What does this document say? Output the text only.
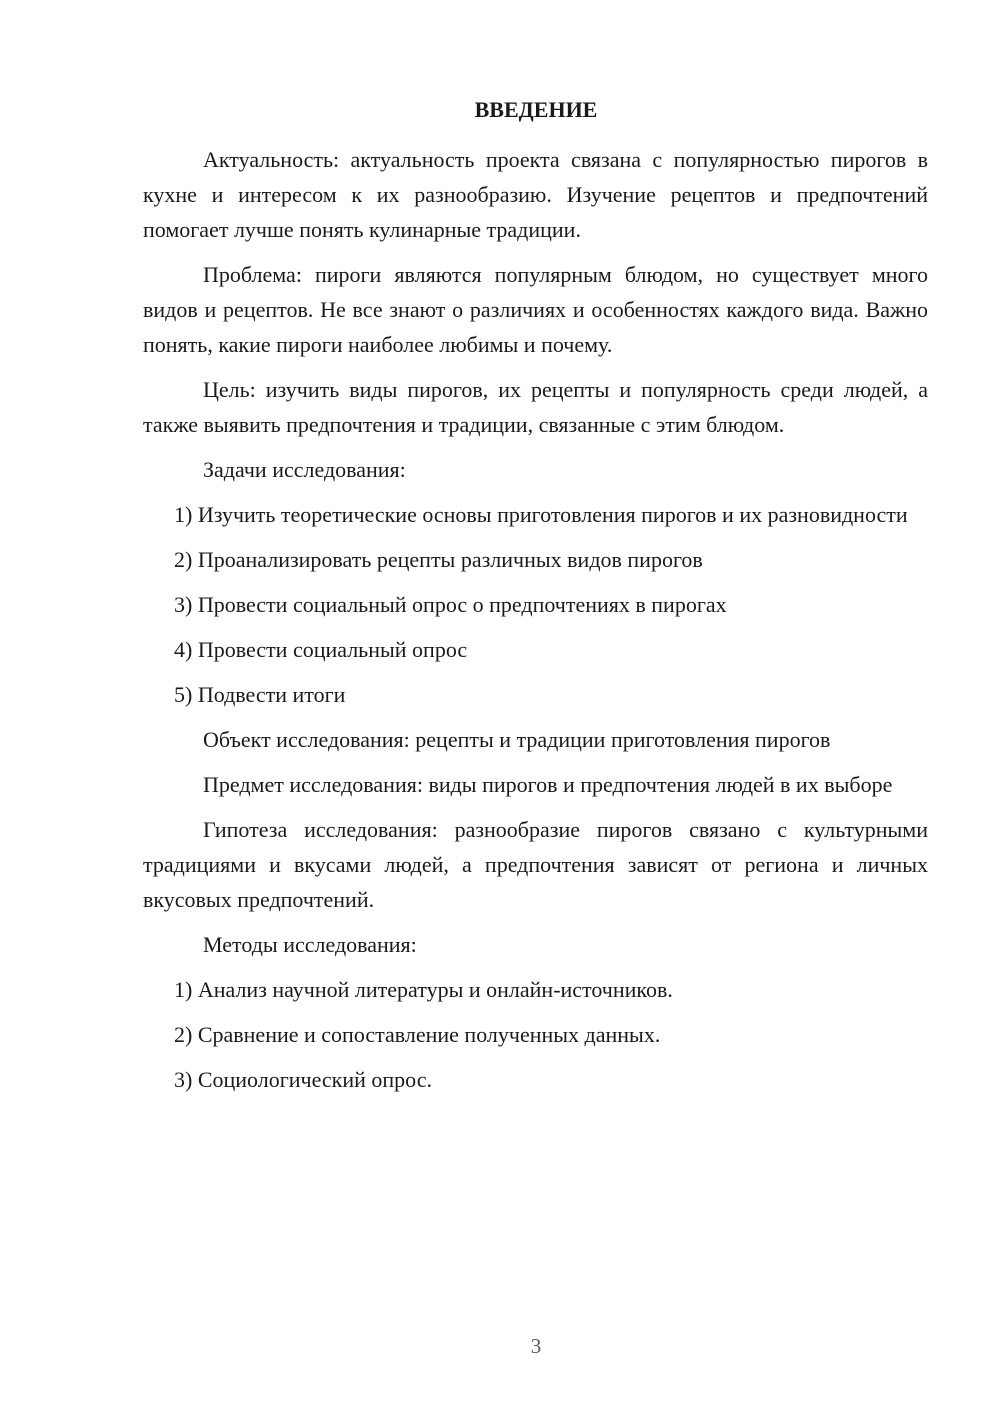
ВВЕДЕНИЕ

Актуальность: актуальность проекта связана с популярностью пирогов в кухне и интересом к их разнообразию. Изучение рецептов и предпочтений помогает лучше понять кулинарные традиции.

Проблема: пироги являются популярным блюдом, но существует много видов и рецептов. Не все знают о различиях и особенностях каждого вида. Важно понять, какие пироги наиболее любимы и почему.

Цель: изучить виды пирогов, их рецепты и популярность среди людей, а также выявить предпочтения и традиции, связанные с этим блюдом.

Задачи исследования:

1) Изучить теоретические основы приготовления пирогов и их разновидности

2) Проанализировать рецепты различных видов пирогов

3) Провести социальный опрос о предпочтениях в пирогах

4) Провести социальный опрос

5) Подвести итоги

Объект исследования: рецепты и традиции приготовления пирогов

Предмет исследования: виды пирогов и предпочтения людей в их выборе

Гипотеза исследования: разнообразие пирогов связано с культурными традициями и вкусами людей, а предпочтения зависят от региона и личных вкусовых предпочтений.

Методы исследования:

1) Анализ научной литературы и онлайн-источников.

2) Сравнение и сопоставление полученных данных.

3) Социологический опрос.

3
